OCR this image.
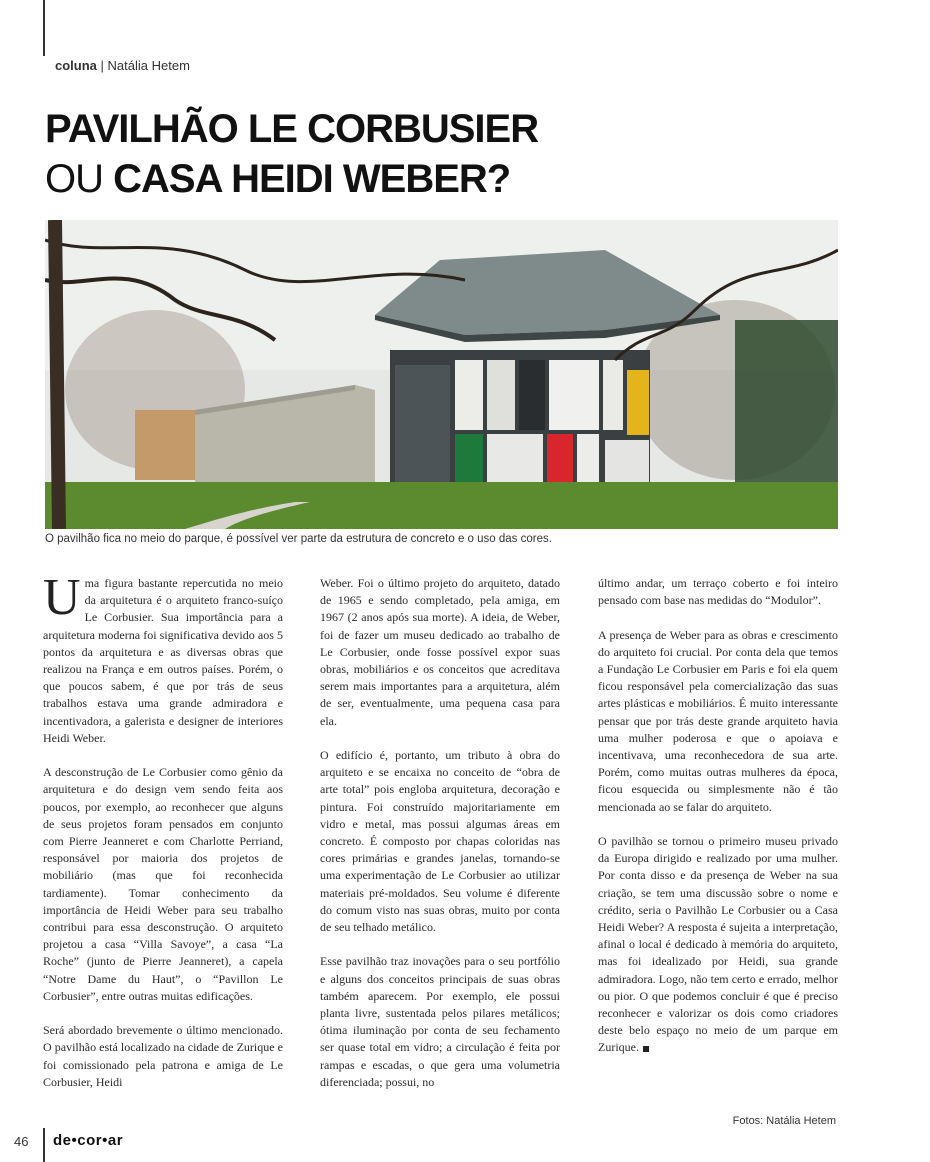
coluna | Natália Hetem
PAVILHÃO LE CORBUSIER
OU CASA HEIDI WEBER?
O pavilhão fica no meio do parque, é possível ver parte da estrutura de concreto e o uso das cores.

Uma figura bastante repercutida no meio da arquitetura é o arquiteto franco-suíço Le Corbusier. Sua importância para a arquitetura moderna foi significativa devido aos 5 pontos da arquitetura e as diversas obras que realizou na França e em outros países. Porém, o que poucos sabem, é que por trás de seus trabalhos estava uma grande admiradora e incentivadora, a galerista e designer de interiores Heidi Weber.

A desconstrução de Le Corbusier como gênio da arquitetura e do design vem sendo feita aos poucos, por exemplo, ao reconhecer que alguns de seus projetos foram pensados em conjunto com Pierre Jeanneret e com Charlotte Perriand, responsável por maioria dos projetos de mobiliário (mas que foi reconhecida tardiamente). Tomar conhecimento da importância de Heidi Weber para seu trabalho contribui para essa desconstrução. O arquiteto projetou a casa “Villa Savoye”, a casa “La Roche” (junto de Pierre Jeanneret), a capela “Notre Dame du Haut”, o “Pavillon Le Corbusier”, entre outras muitas edificações.

Será abordado brevemente o último mencionado. O pavilhão está localizado na cidade de Zurique e foi comissionado pela patrona e amiga de Le Corbusier, Heidi

Weber. Foi o último projeto do arquiteto, datado de 1965 e sendo completado, pela amiga, em 1967 (2 anos após sua morte). A ideia, de Weber, foi de fazer um museu dedicado ao trabalho de Le Corbusier, onde fosse possível expor suas obras, mobiliários e os conceitos que acreditava serem mais importantes para a arquitetura, além de ser, eventualmente, uma pequena casa para ela.

O edifício é, portanto, um tributo à obra do arquiteto e se encaixa no conceito de “obra de arte total” pois engloba arquitetura, decoração e pintura. Foi construído majoritariamente em vidro e metal, mas possui algumas áreas em concreto. É composto por chapas coloridas nas cores primárias e grandes janelas, tornando-se uma experimentação de Le Corbusier ao utilizar materiais pré-moldados. Seu volume é diferente do comum visto nas suas obras, muito por conta de seu telhado metálico.

Esse pavilhão traz inovações para o seu portfólio e alguns dos conceitos principais de suas obras também aparecem. Por exemplo, ele possui planta livre, sustentada pelos pilares metálicos; ótima iluminação por conta de seu fechamento ser quase total em vidro; a circulação é feita por rampas e escadas, o que gera uma volumetria diferenciada; possui, no

último andar, um terraço coberto e foi inteiro pensado com base nas medidas do “Modulor”.

A presença de Weber para as obras e crescimento do arquiteto foi crucial. Por conta dela que temos a Fundação Le Corbusier em Paris e foi ela quem ficou responsável pela comercialização das suas artes plásticas e mobiliários. É muito interessante pensar que por trás deste grande arquiteto havia uma mulher poderosa e que o apoiava e incentivava, uma reconhecedora de sua arte. Porém, como muitas outras mulheres da época, ficou esquecida ou simplesmente não é tão mencionada ao se falar do arquiteto.

O pavilhão se tornou o primeiro museu privado da Europa dirigido e realizado por uma mulher. Por conta disso e da presença de Weber na sua criação, se tem uma discussão sobre o nome e crédito, seria o Pavilhão Le Corbusier ou a Casa Heidi Weber? A resposta é sujeita a interpretação, afinal o local é dedicado à memória do arquiteto, mas foi idealizado por Heidi, sua grande admiradora. Logo, não tem certo e errado, melhor ou pior. O que podemos concluir é que é preciso reconhecer e valorizar os dois como criadores deste belo espaço no meio de um parque em Zurique.

Fotos: Natália Hetem
46 de•cor•ar
